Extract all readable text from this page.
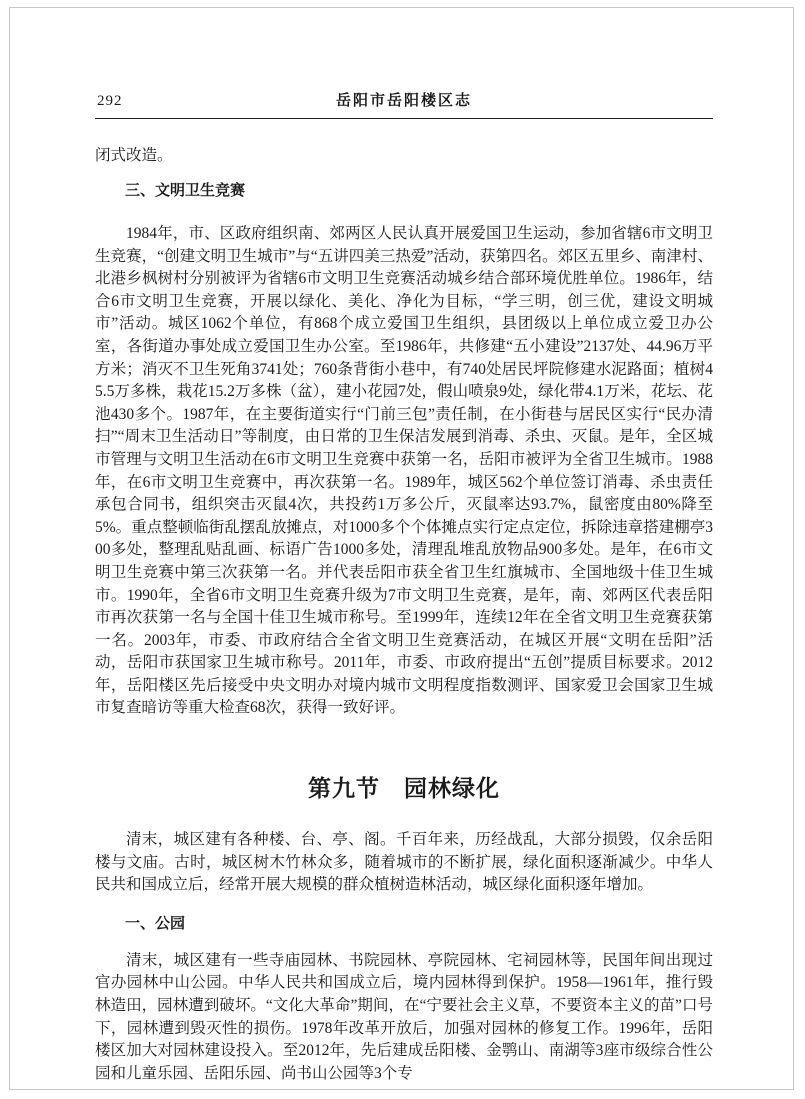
292	岳阳市岳阳楼区志

闭式改造。

三、文明卫生竞赛

1984年，市、区政府组织南、郊两区人民认真开展爱国卫生运动，参加省辖6市文明卫生竞赛，“创建文明卫生城市”与“五讲四美三热爱”活动，获第四名。郊区五里乡、南津村、北港乡枫树村分别被评为省辖6市文明卫生竞赛活动城乡结合部环境优胜单位。1986年，结合6市文明卫生竞赛，开展以绿化、美化、净化为目标，“学三明，创三优，建设文明城市”活动。城区1062个单位，有868个成立爱国卫生组织，县团级以上单位成立爱卫办公室，各街道办事处成立爱国卫生办公室。至1986年，共修建“五小建设”2137处、44.96万平方米；消灭不卫生死角3741处；760条背街小巷中，有740处居民坪院修建水泥路面；植树45.5万多株，栽花15.2万多株（盆），建小花园7处，假山喷泉9处，绿化带4.1万米，花坛、花池430多个。1987年，在主要街道实行“门前三包”责任制，在小街巷与居民区实行“民办清扫”“周末卫生活动日”等制度，由日常的卫生保洁发展到消毒、杀虫、灭鼠。是年，全区城市管理与文明卫生活动在6市文明卫生竞赛中获第一名，岳阳市被评为全省卫生城市。1988年，在6市文明卫生竞赛中，再次获第一名。1989年，城区562个单位签订消毒、杀虫责任承包合同书，组织突击灭鼠4次，共投药1万多公斤，灭鼠率达93.7%，鼠密度由80%降至5%。重点整顿临街乱摆乱放摊点，对1000多个个体摊点实行定点定位，拆除违章搭建棚亭300多处，整理乱贴乱画、标语广告1000多处，清理乱堆乱放物品900多处。是年，在6市文明卫生竞赛中第三次获第一名。并代表岳阳市获全省卫生红旗城市、全国地级十佳卫生城市。1990年，全省6市文明卫生竞赛升级为7市文明卫生竞赛，是年，南、郊两区代表岳阳市再次获第一名与全国十佳卫生城市称号。至1999年，连续12年在全省文明卫生竞赛获第一名。2003年，市委、市政府结合全省文明卫生竞赛活动，在城区开展“文明在岳阳”活动，岳阳市获国家卫生城市称号。2011年，市委、市政府提出“五创”提质目标要求。2012年，岳阳楼区先后接受中央文明办对境内城市文明程度指数测评、国家爱卫会国家卫生城市复查暗访等重大检查68次，获得一致好评。

第九节　园林绿化

清末，城区建有各种楼、台、亭、阁。千百年来，历经战乱，大部分损毁，仅余岳阳楼与文庙。古时，城区树木竹林众多，随着城市的不断扩展，绿化面积逐渐减少。中华人民共和国成立后，经常开展大规模的群众植树造林活动，城区绿化面积逐年增加。

一、公园

清末，城区建有一些寺庙园林、书院园林、亭院园林、宅祠园林等，民国年间出现过官办园林中山公园。中华人民共和国成立后，境内园林得到保护。1958—1961年，推行毁林造田，园林遭到破坏。“文化大革命”期间，在“宁要社会主义草，不要资本主义的苗”口号下，园林遭到毁灭性的损伤。1978年改革开放后，加强对园林的修复工作。1996年，岳阳楼区加大对园林建设投入。至2012年，先后建成岳阳楼、金鹗山、南湖等3座市级综合性公园和儿童乐园、岳阳乐园、尚书山公园等3个专
